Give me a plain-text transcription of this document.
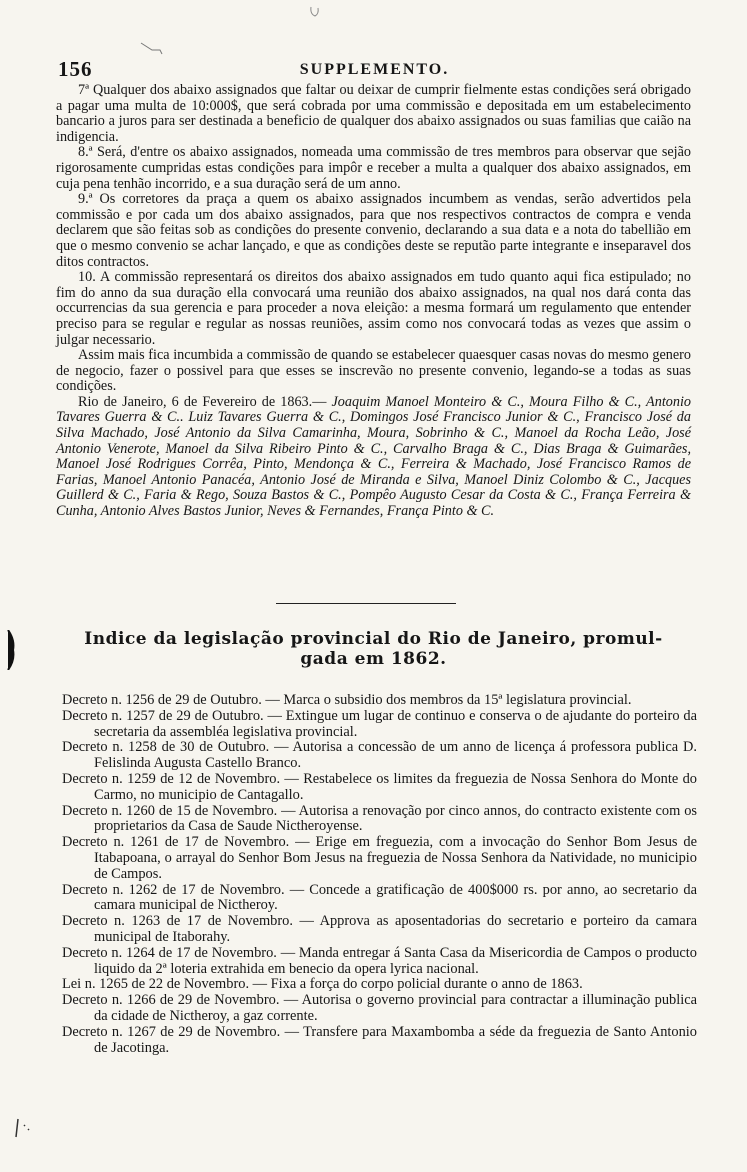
156	SUPPLEMENTO.

7ª Qualquer dos abaixo assignados que faltar ou deixar de cumprir fielmente estas condições será obrigado a pagar uma multa de 10:000$, que será cobrada por uma commissão e depositada em um estabelecimento bancario a juros para ser destinada a beneficio de qualquer dos abaixo assignados ou suas familias que caião na indigencia.

8.ª Será, d'entre os abaixo assignados, nomeada uma commissão de tres membros para observar que sejão rigorosamente cumpridas estas condições para impôr e receber a multa a qualquer dos abaixo assignados, em cuja pena tenhão incorrido, e a sua duração será de um anno.

9.ª Os corretores da praça a quem os abaixo assignados incumbem as vendas, serão advertidos pela commissão e por cada um dos abaixo assignados, para que nos respectivos contractos de compra e venda declarem que são feitas sob as condições do presente convenio, declarando a sua data e a nota do tabellião em que o mesmo convenio se achar lançado, e que as condições deste se reputão parte integrante e inseparavel dos ditos contractos.

10. A commissão representará os direitos dos abaixo assignados em tudo quanto aqui fica estipulado; no fim do anno da sua duração ella convocará uma reunião dos abaixo assignados, na qual nos dará conta das occurrencias da sua gerencia e para proceder a nova eleição: a mesma formará um regulamento que entender preciso para se regular e regular as nossas reuniões, assim como nos convocará todas as vezes que assim o julgar necessario.

Assim mais fica incumbida a commissão de quando se estabelecer quaesquer casas novas do mesmo genero de negocio, fazer o possivel para que esses se inscrevão no presente convenio, legando-se a todas as suas condições.

Rio de Janeiro, 6 de Fevereiro de 1863.— Joaquim Manoel Monteiro & C., Moura Filho & C., Antonio Tavares Guerra & C.. Luiz Tavares Guerra & C., Domingos José Francisco Junior & C., Francisco José da Silva Machado, José Antonio da Silva Camarinha, Moura, Sobrinho & C., Manoel da Rocha Leão, José Antonio Venerote, Manoel da Silva Ribeiro Pinto & C., Carvalho Braga & C., Dias Braga & Guimarães, Manoel José Rodrigues Corrêa, Pinto, Mendonça & C., Ferreira & Machado, José Francisco Ramos de Farias, Manoel Antonio Panacéa, Antonio José de Miranda e Silva, Manoel Diniz Colombo & C., Jacques Guillerd & C., Faria & Rego, Souza Bastos & C., Pompêo Augusto Cesar da Costa & C., França Ferreira & Cunha, Antonio Alves Bastos Junior, Neves & Fernandes, França Pinto & C.

Indice da legislação provincial do Rio de Janeiro, promul-
gada em 1862.

Decreto n. 1256 de 29 de Outubro. — Marca o subsidio dos membros da 15ª legislatura provincial.

Decreto n. 1257 de 29 de Outubro. — Extingue um lugar de continuo e conserva o de ajudante do porteiro da secretaria da assembléa legislativa provincial.

Decreto n. 1258 de 30 de Outubro. — Autorisa a concessão de um anno de licença á professora publica D. Felislinda Augusta Castello Branco.

Decreto n. 1259 de 12 de Novembro. — Restabelece os limites da freguezia de Nossa Senhora do Monte do Carmo, no municipio de Cantagallo.

Decreto n. 1260 de 15 de Novembro. — Autorisa a renovação por cinco annos, do contracto existente com os proprietarios da Casa de Saude Nictheroyense.

Decreto n. 1261 de 17 de Novembro. — Erige em freguezia, com a invocação do Senhor Bom Jesus de Itabapoana, o arrayal do Senhor Bom Jesus na freguezia de Nossa Senhora da Natividade, no municipio de Campos.

Decreto n. 1262 de 17 de Novembro. — Concede a gratificação de 400$000 rs. por anno, ao secretario da camara municipal de Nictheroy.

Decreto n. 1263 de 17 de Novembro. — Approva as aposentadorias do secretario e porteiro da camara municipal de Itaborahy.

Decreto n. 1264 de 17 de Novembro. — Manda entregar á Santa Casa da Misericordia de Campos o producto liquido da 2ª loteria extrahida em benecio da opera lyrica nacional.

Lei n. 1265 de 22 de Novembro. — Fixa a força do corpo policial durante o anno de 1863.

Decreto n. 1266 de 29 de Novembro. — Autorisa o governo provincial para contractar a illuminação publica da cidade de Nictheroy, a gaz corrente.

Decreto n. 1267 de 29 de Novembro. — Transfere para Maxambomba a séde da freguezia de Santo Antonio de Jacotinga.
